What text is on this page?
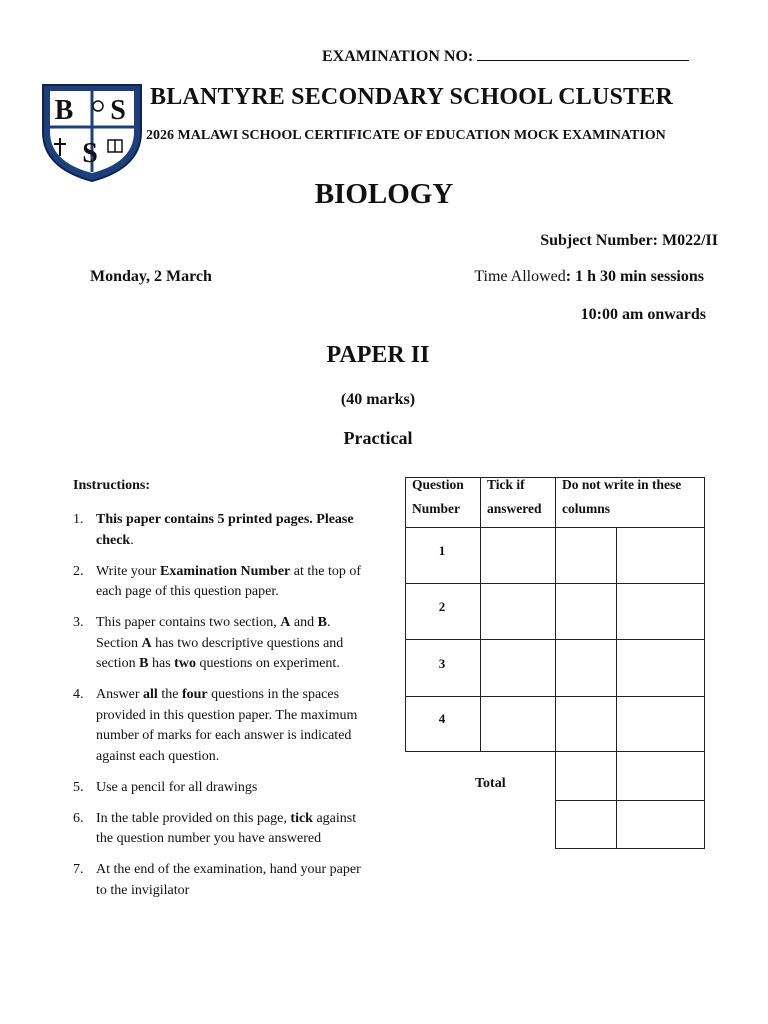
EXAMINATION NO:
B S
S
BLANTYRE SECONDARY SCHOOL CLUSTER
2026 MALAWI SCHOOL CERTIFICATE OF EDUCATION MOCK EXAMINATION
BIOLOGY
Subject Number: M022/II
Monday, 2 March	Time Allowed: 1 h 30 min sessions
10:00 am onwards
PAPER II
(40 marks)
Practical
Instructions:
1. This paper contains 5 printed pages. Please check.
2. Write your Examination Number at the top of each page of this question paper.
3. This paper contains two section, A and B. Section A has two descriptive questions and section B has two questions on experiment.
4. Answer all the four questions in the spaces provided in this question paper. The maximum number of marks for each answer is indicated against each question.
5. Use a pencil for all drawings
6. In the table provided on this page, tick against the question number you have answered
7. At the end of the examination, hand your paper to the invigilator
Question
Number
Tick if
answered
Do not write in these
columns
1
2
3
4
Total
